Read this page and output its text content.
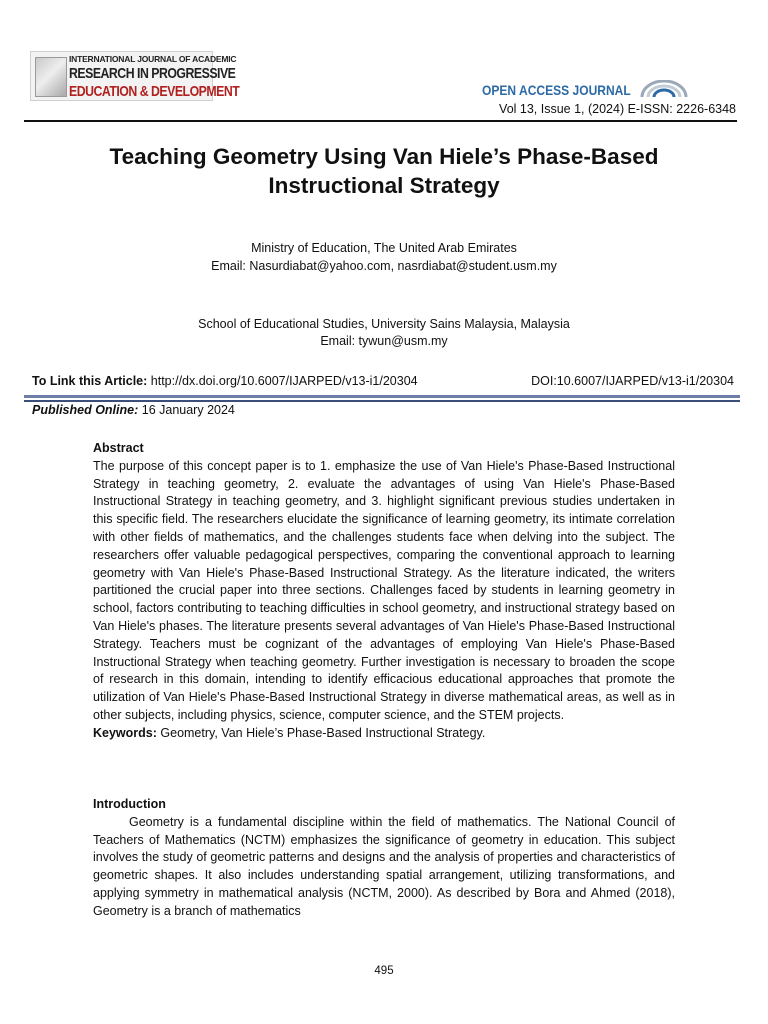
INTERNATIONAL JOURNAL OF ACADEMIC
RESEARCH IN PROGRESSIVE
EDUCATION & DEVELOPMENT	OPEN ACCESS JOURNAL
Vol 13, Issue 1, (2024) E-ISSN: 2226-6348
Teaching Geometry Using Van Hiele’s Phase-Based Instructional Strategy
Ministry of Education, The United Arab Emirates
Email: Nasurdiabat@yahoo.com, nasrdiabat@student.usm.my
School of Educational Studies, University Sains Malaysia, Malaysia
Email: tywun@usm.my
To Link this Article: http://dx.doi.org/10.6007/IJARPED/v13-i1/20304	DOI:10.6007/IJARPED/v13-i1/20304
Published Online: 16 January 2024

Abstract

The purpose of this concept paper is to 1. emphasize the use of Van Hiele's Phase-Based Instructional Strategy in teaching geometry, 2. evaluate the advantages of using Van Hiele's Phase-Based Instructional Strategy in teaching geometry, and 3. highlight significant previous studies undertaken in this specific field. The researchers elucidate the significance of learning geometry, its intimate correlation with other fields of mathematics, and the challenges students face when delving into the subject. The researchers offer valuable pedagogical perspectives, comparing the conventional approach to learning geometry with Van Hiele's Phase-Based Instructional Strategy. As the literature indicated, the writers partitioned the crucial paper into three sections. Challenges faced by students in learning geometry in school, factors contributing to teaching difficulties in school geometry, and instructional strategy based on Van Hiele's phases. The literature presents several advantages of Van Hiele's Phase-Based Instructional Strategy. Teachers must be cognizant of the advantages of employing Van Hiele's Phase-Based Instructional Strategy when teaching geometry. Further investigation is necessary to broaden the scope of research in this domain, intending to identify efficacious educational approaches that promote the utilization of Van Hiele's Phase-Based Instructional Strategy in diverse mathematical areas, as well as in other subjects, including physics, science, computer science, and the STEM projects.

Keywords: Geometry, Van Hiele’s Phase-Based Instructional Strategy.

Introduction

Geometry is a fundamental discipline within the field of mathematics. The National Council of Teachers of Mathematics (NCTM) emphasizes the significance of geometry in education. This subject involves the study of geometric patterns and designs and the analysis of properties and characteristics of geometric shapes. It also includes understanding spatial arrangement, utilizing transformations, and applying symmetry in mathematical analysis (NCTM, 2000). As described by Bora and Ahmed (2018), Geometry is a branch of mathematics

495
